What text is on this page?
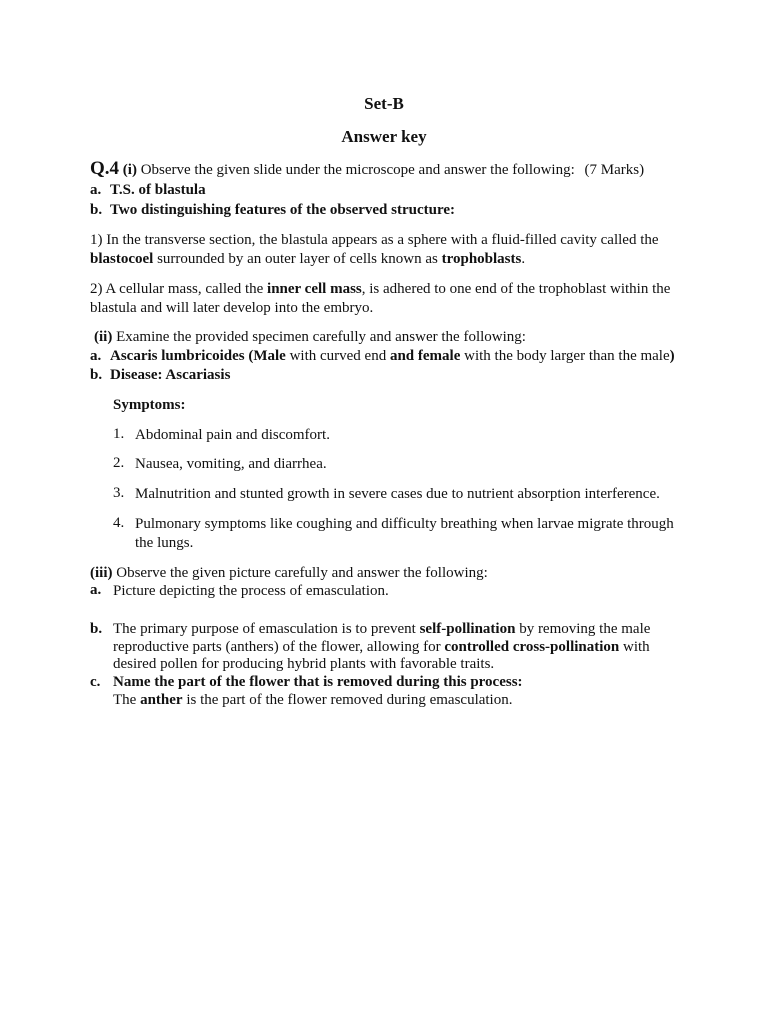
Set-B
Answer key
Q.4 (i) Observe the given slide under the microscope and answer the following: (7 Marks)
a. T.S. of blastula
b. Two distinguishing features of the observed structure:
1) In the transverse section, the blastula appears as a sphere with a fluid-filled cavity called the
blastocoel surrounded by an outer layer of cells known as trophoblasts.
2) A cellular mass, called the inner cell mass, is adhered to one end of the trophoblast within the blastula and will later develop into the embryo.
(ii) Examine the provided specimen carefully and answer the following:
a. Ascaris lumbricoides (Male with curved end and female with the body larger than the male)
b. Disease: Ascariasis
Symptoms:
1. Abdominal pain and discomfort.
2. Nausea, vomiting, and diarrhea.
3. Malnutrition and stunted growth in severe cases due to nutrient absorption interference.
4. Pulmonary symptoms like coughing and difficulty breathing when larvae migrate through the lungs.
(iii) Observe the given picture carefully and answer the following:
a. Picture depicting the process of emasculation.
b. The primary purpose of emasculation is to prevent self-pollination by removing the male reproductive parts (anthers) of the flower, allowing for controlled cross-pollination with desired pollen for producing hybrid plants with favorable traits.
c. Name the part of the flower that is removed during this process:
The anther is the part of the flower removed during emasculation.
